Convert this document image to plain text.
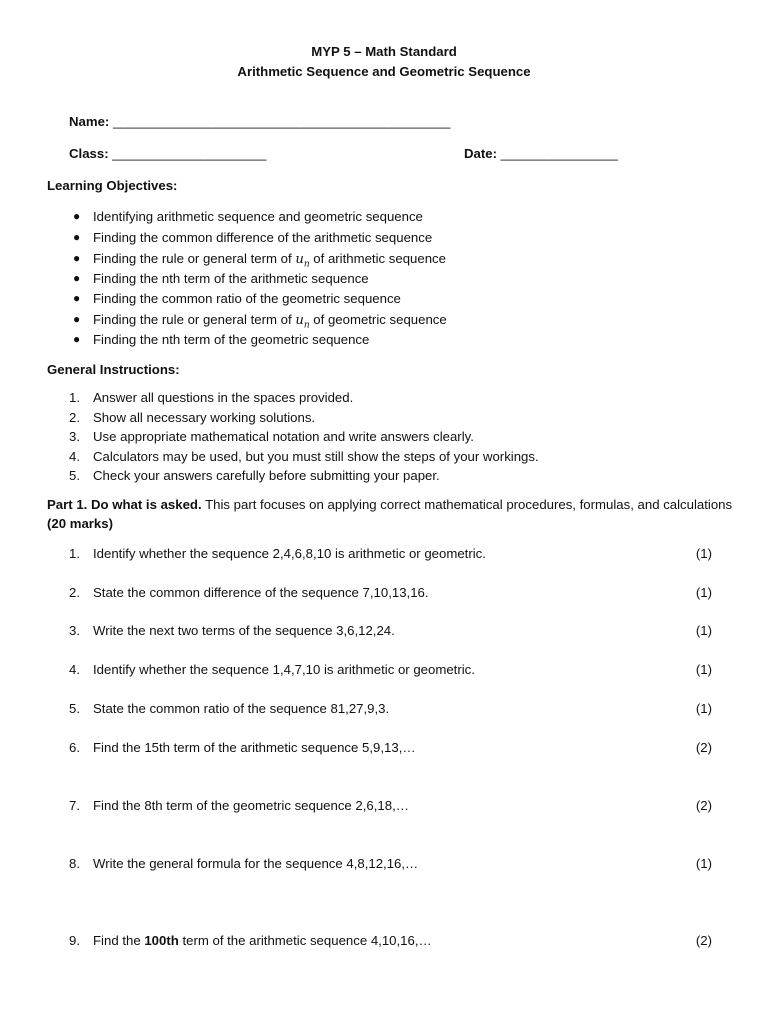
MYP 5 – Math Standard
Arithmetic Sequence and Geometric Sequence
Name: ______________________________________________
Class: _____________________	Date: ________________
Learning Objectives:
● Identifying arithmetic sequence and geometric sequence
● Finding the common difference of the arithmetic sequence
● Finding the rule or general term of $u_n$ of arithmetic sequence
● Finding the nth term of the arithmetic sequence
● Finding the common ratio of the geometric sequence
● Finding the rule or general term of $u_n$ of geometric sequence
● Finding the nth term of the geometric sequence
General Instructions:
1. Answer all questions in the spaces provided.
2. Show all necessary working solutions.
3. Use appropriate mathematical notation and write answers clearly.
4. Calculators may be used, but you must still show the steps of your workings.
5. Check your answers carefully before submitting your paper.
Part 1. Do what is asked. This part focuses on applying correct mathematical procedures, formulas, and calculations
(20 marks)
1. Identify whether the sequence 2,4,6,8,10 is arithmetic or geometric.	(1)
2. State the common difference of the sequence 7,10,13,16.	(1)
3. Write the next two terms of the sequence 3,6,12,24.	(1)
4. Identify whether the sequence 1,4,7,10 is arithmetic or geometric.	(1)
5. State the common ratio of the sequence 81,27,9,3.	(1)
6. Find the 15th term of the arithmetic sequence 5,9,13,…	(2)
7. Find the 8th term of the geometric sequence 2,6,18,…	(2)
8. Write the general formula for the sequence 4,8,12,16,…	(1)
9. Find the 100th term of the arithmetic sequence 4,10,16,…	(2)
